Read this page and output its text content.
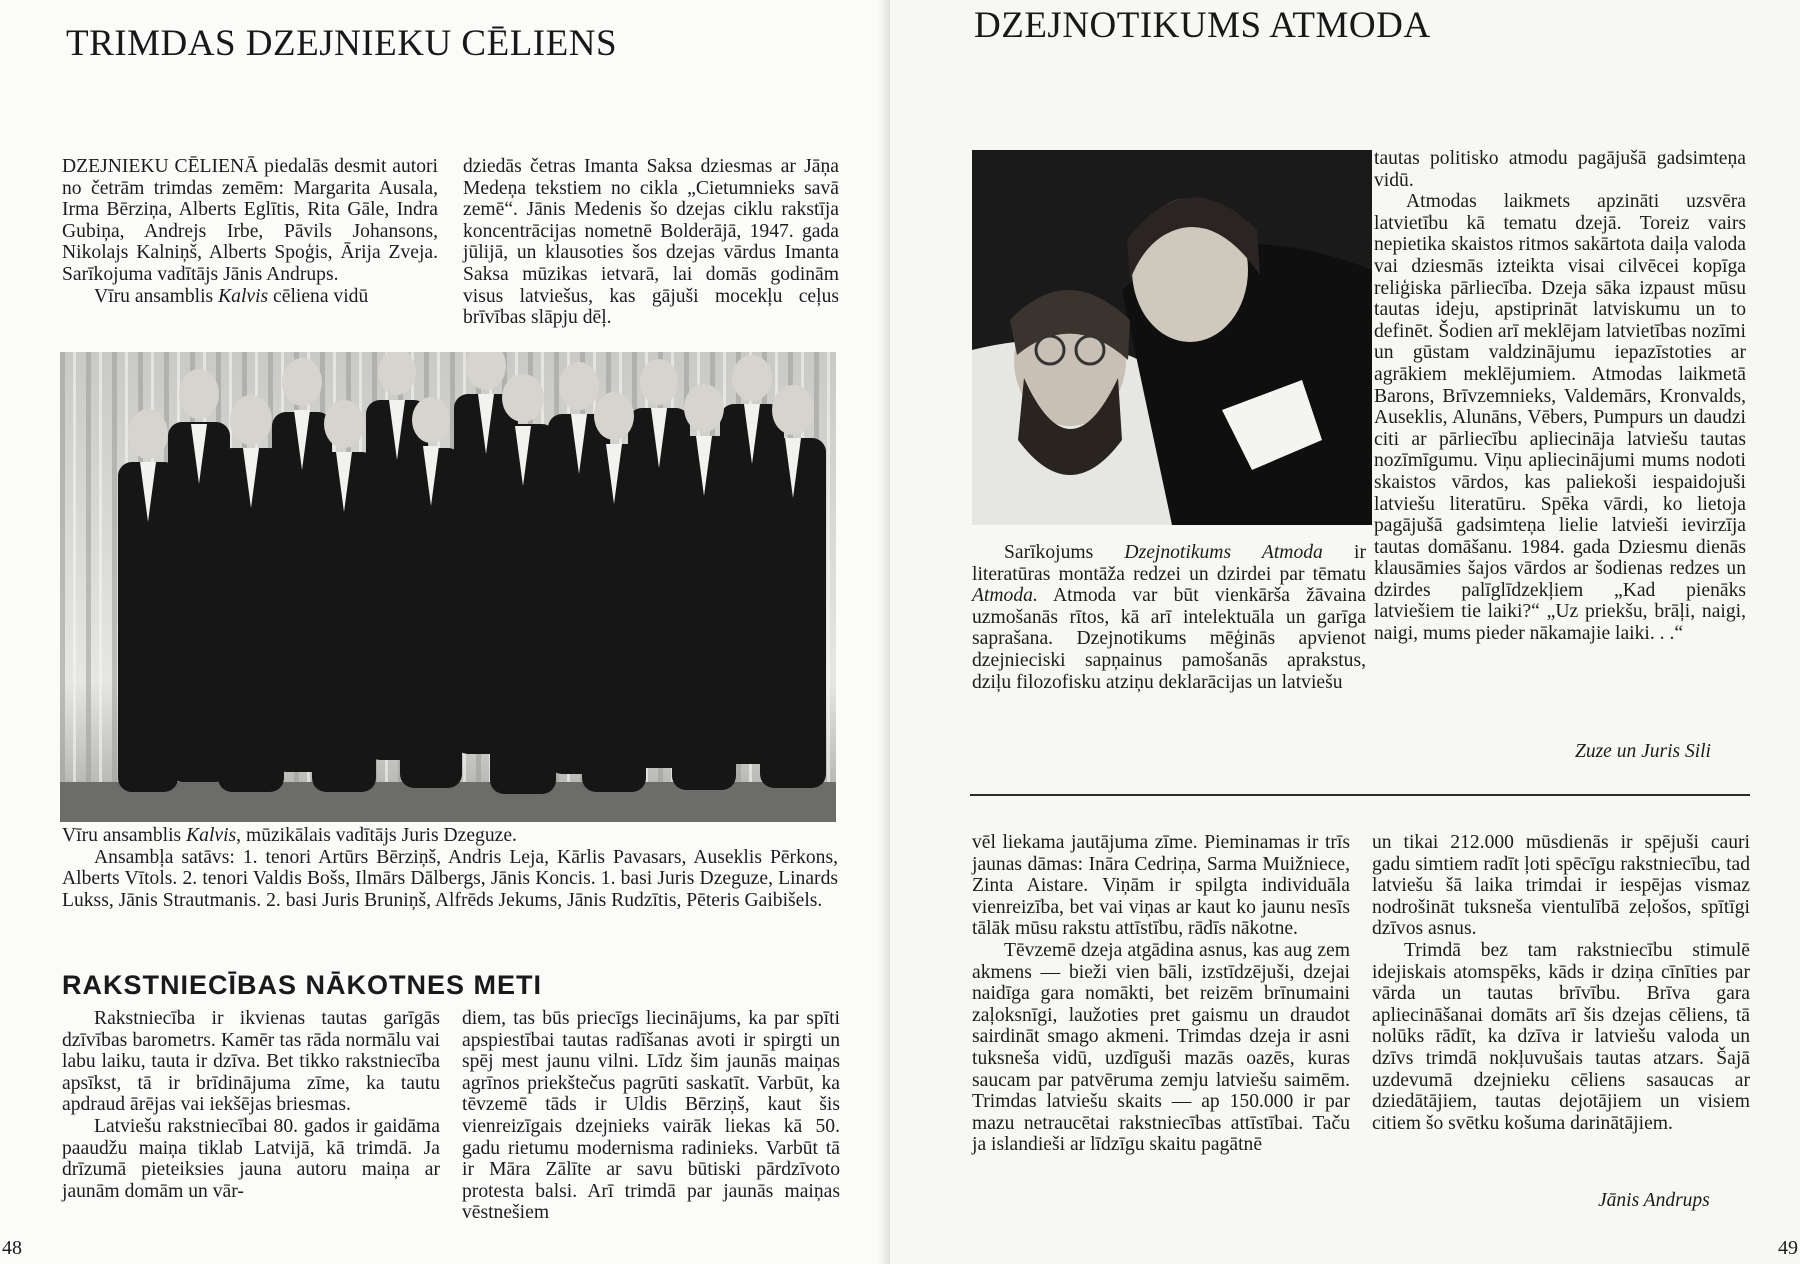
TRIMDAS DZEJNIEKU CĒLIENS

DZEJNIEKU CĒLIENĀ piedalās desmit autori no četrām trimdas zemēm: Margarita Ausala, Irma Bērziņa, Alberts Eglītis, Rita Gāle, Indra Gubiņa, Andrejs Irbe, Pāvils Johansons, Nikolajs Kalniņš, Alberts Spoģis, Ārija Zveja. Sarīkojuma vadītājs Jānis Andrups.

Vīru ansamblis Kalvis cēliena vidū

dziedās četras Imanta Saksa dziesmas ar Jāņa Medeņa tekstiem no cikla „Cietumnieks savā zemē“. Jānis Medenis šo dzejas ciklu rakstīja koncentrācijas nometnē Bolderājā, 1947. gada jūlijā, un klausoties šos dzejas vārdus Imanta Saksa mūzikas ietvarā, lai domās godinām visus latviešus, kas gājuši mocekļu ceļus brīvības slāpju dēļ.

Vīru ansamblis Kalvis, mūzikālais vadītājs Juris Dzeguze.

Ansambļa satāvs: 1. tenori Artūrs Bērziņš, Andris Leja, Kārlis Pavasars, Auseklis Pērkons, Alberts Vītols. 2. tenori Valdis Bošs, Ilmārs Dālbergs, Jānis Koncis. 1. basi Juris Dzeguze, Linards Lukss, Jānis Strautmanis. 2. basi Juris Bruniņš, Alfrēds Jekums, Jānis Rudzītis, Pēteris Gaibišels.

RAKSTNIECĪBAS NĀKOTNES METI

Rakstniecība ir ikvienas tautas garīgās dzīvības barometrs. Kamēr tas rāda normālu vai labu laiku, tauta ir dzīva. Bet tikko rakstniecība apsīkst, tā ir brīdinājuma zīme, ka tautu apdraud ārējas vai iekšējas briesmas.

Latviešu rakstniecībai 80. gados ir gaidāma paaudžu maiņa tiklab Latvijā, kā trimdā. Ja drīzumā pieteiksies jauna autoru maiņa ar jaunām domām un vār-

diem, tas būs priecīgs liecinājums, ka par spīti apspiestībai tautas radīšanas avoti ir spirgti un spēj mest jaunu vilni. Līdz šim jaunās maiņas agrīnos priekštečus pagrūti saskatīt. Varbūt, ka tēvzemē tāds ir Uldis Bērziņš, kaut šis vienreizīgais dzejnieks vairāk liekas kā 50. gadu rietumu modernisma radinieks. Varbūt tā ir Māra Zālīte ar savu būtiski pārdzīvoto protesta balsi. Arī trimdā par jaunās maiņas vēstnešiem

48
DZEJNOTIKUMS ATMODA

Sarīkojums Dzejnotikums Atmoda ir literatūras montāža redzei un dzirdei par tēmatu Atmoda. Atmoda var būt vienkārša žāvaina uzmošanās rītos, kā arī intelektuāla un garīga saprašana. Dzejnotikums mēģinās apvienot dzejnieciski sapņainus pamošanās aprakstus, dziļu filozofisku atziņu deklarācijas un latviešu

tautas politisko atmodu pagājušā gadsimteņa vidū.

Atmodas laikmets apzināti uzsvēra latvietību kā tematu dzejā. Toreiz vairs nepietika skaistos ritmos sakārtota daiļa valoda vai dziesmās izteikta visai cilvēcei kopīga reliģiska pārliecība. Dzeja sāka izpaust mūsu tautas ideju, apstiprināt latviskumu un to definēt. Šodien arī meklējam latvietības nozīmi un gūstam valdzinājumu iepazīstoties ar agrākiem meklējumiem. Atmodas laikmetā Barons, Brīvzemnieks, Valdemārs, Kronvalds, Auseklis, Alunāns, Vēbers, Pumpurs un daudzi citi ar pārliecību apliecināja latviešu tautas nozīmīgumu. Viņu apliecinājumi mums nodoti skaistos vārdos, kas paliekoši iespaidojuši latviešu literatūru. Spēka vārdi, ko lietoja pagājušā gadsimteņa lielie latvieši ievirzīja tautas domāšanu. 1984. gada Dziesmu dienās klausāmies šajos vārdos ar šodienas redzes un dzirdes palīglīdzekļiem „Kad pienāks latviešiem tie laiki?“ „Uz priekšu, brāļi, naigi, naigi, mums pieder nākamajie laiki. . .“

Zuze un Juris Sili

vēl liekama jautājuma zīme. Pieminamas ir trīs jaunas dāmas: Ināra Cedriņa, Sarma Muižniece, Zinta Aistare. Viņām ir spilgta individuāla vienreizība, bet vai viņas ar kaut ko jaunu nesīs tālāk mūsu rakstu attīstību, rādīs nākotne.

Tēvzemē dzeja atgādina asnus, kas aug zem akmens — bieži vien bāli, izstīdzējuši, dzejai naidīga gara nomākti, bet reizēm brīnumaini zaļoksnīgi, laužoties pret gaismu un draudot sairdināt smago akmeni. Trimdas dzeja ir asni tuksneša vidū, uzdīguši mazās oazēs, kuras saucam par patvēruma zemju latviešu saimēm. Trimdas latviešu skaits — ap 150.000 ir par mazu netraucētai rakstniecības attīstībai. Taču ja islandieši ar līdzīgu skaitu pagātnē

un tikai 212.000 mūsdienās ir spējuši cauri gadu simtiem radīt ļoti spēcīgu rakstniecību, tad latviešu šā laika trimdai ir iespējas vismaz nodrošināt tuksneša vientulībā zeļošos, spītīgi dzīvos asnus.

Trimdā bez tam rakstniecību stimulē idejiskais atomspēks, kāds ir dziņa cīnīties par vārda un tautas brīvību. Brīva gara apliecināšanai domāts arī šis dzejas cēliens, tā nolūks rādīt, ka dzīva ir latviešu valoda un dzīvs trimdā nokļuvušais tautas atzars. Šajā uzdevumā dzejnieku cēliens sasaucas ar dziedātājiem, tautas dejotājiem un visiem citiem šo svētku košuma darinātājiem.

Jānis Andrups
49
